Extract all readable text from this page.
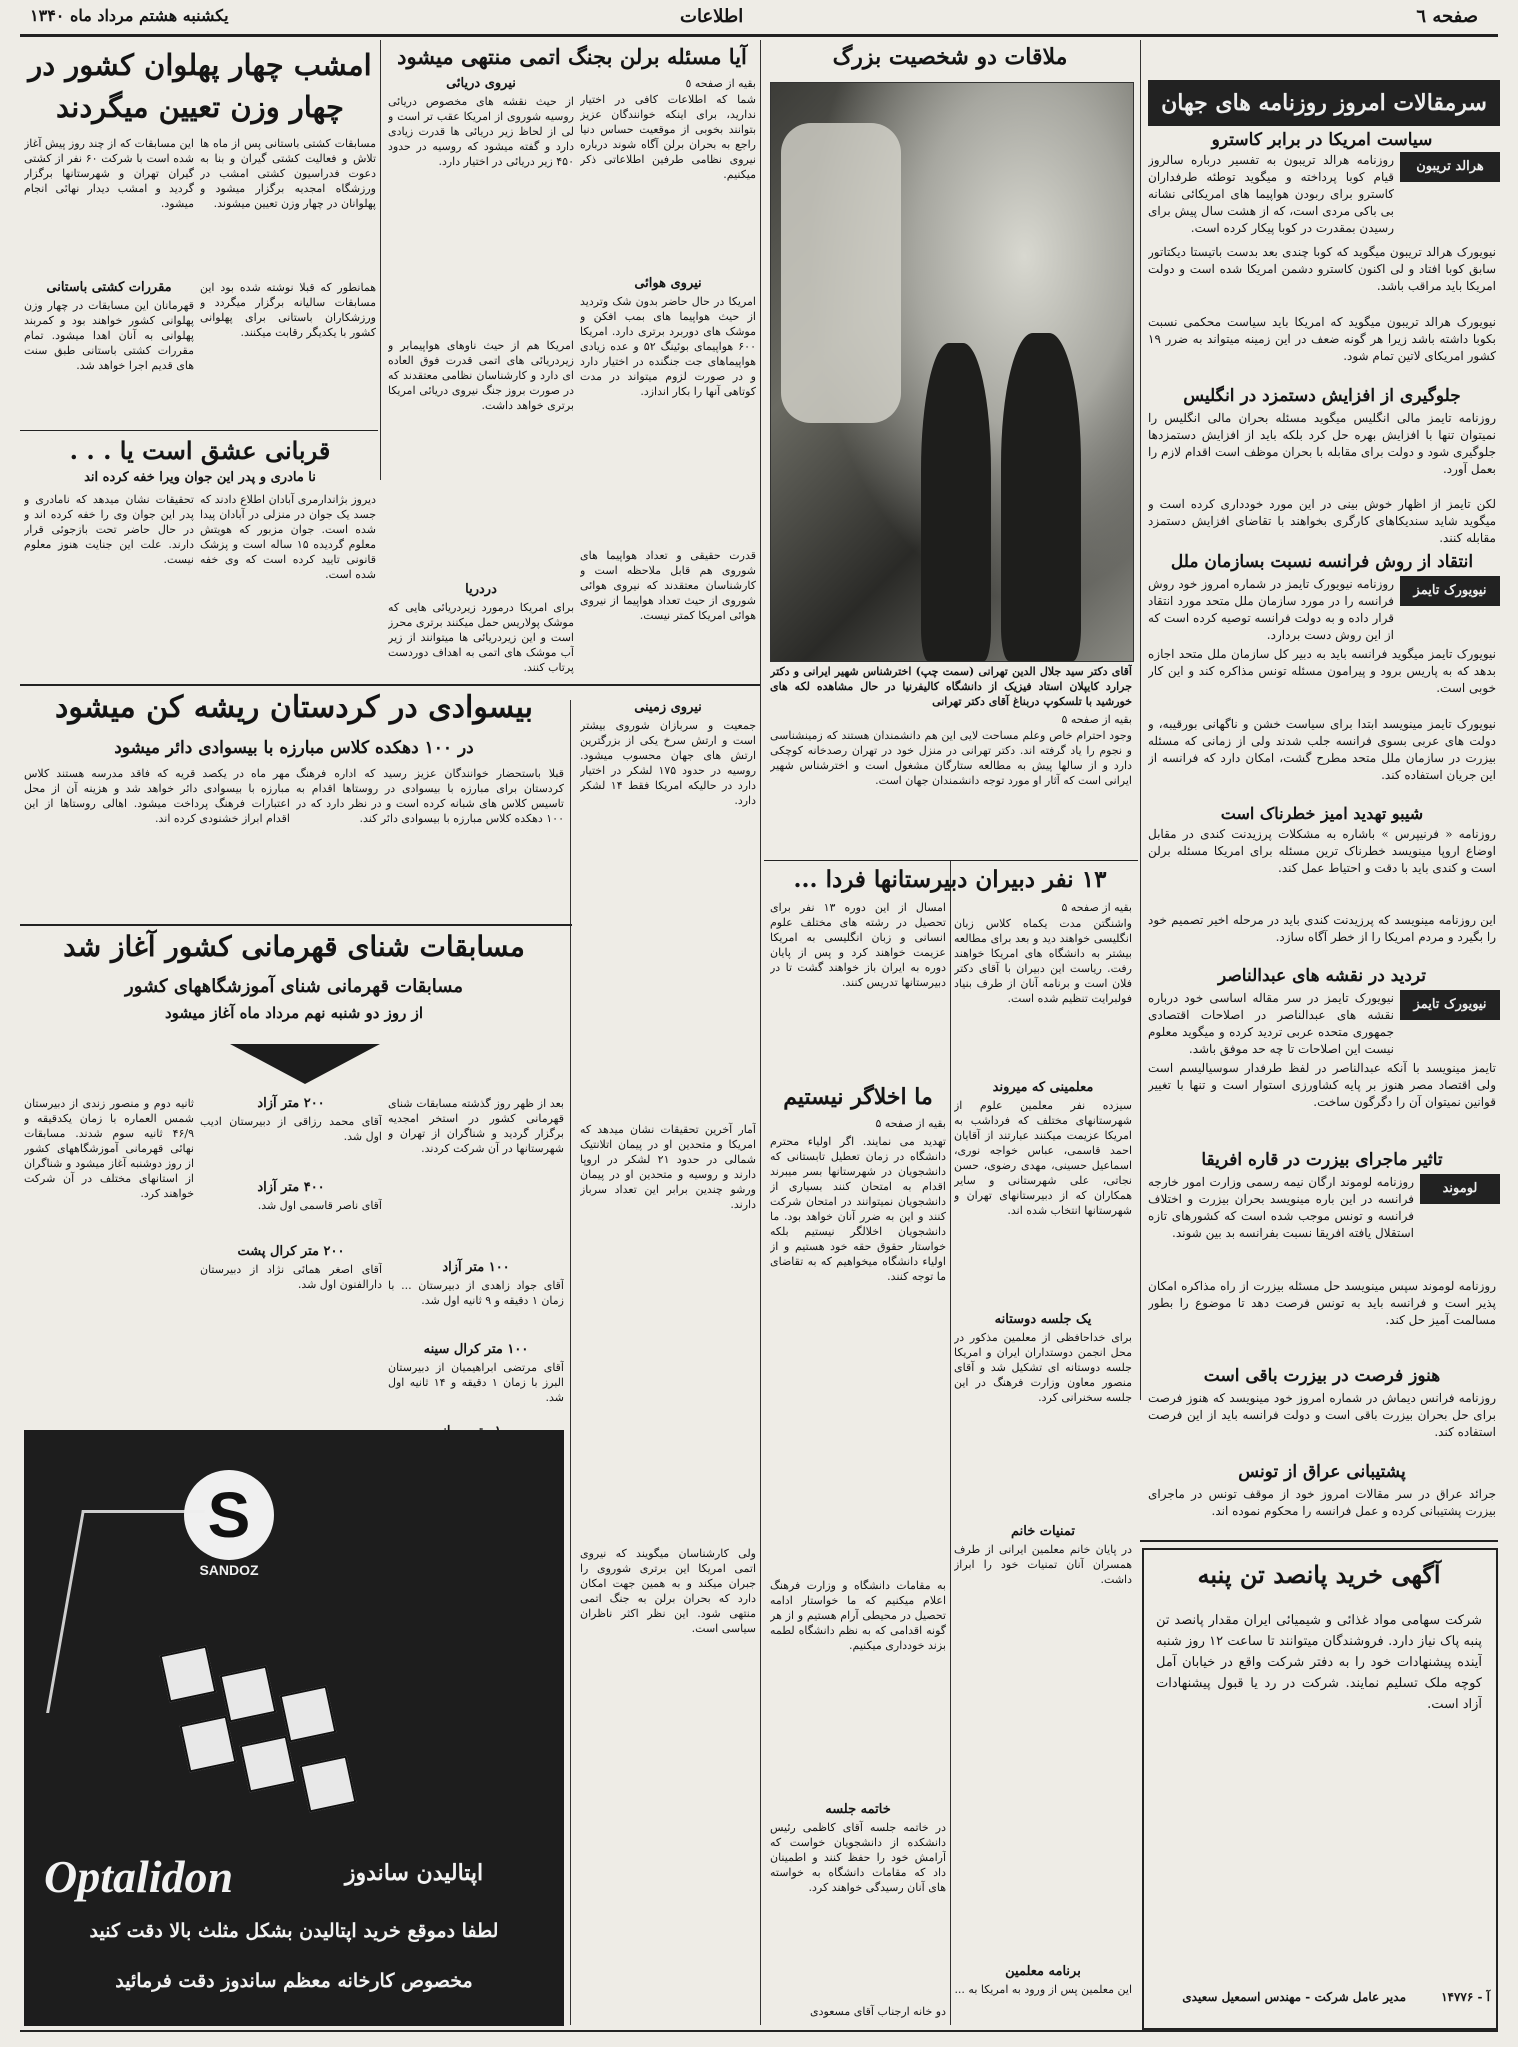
صفحه ٦
اطلاعات
یکشنبه هشتم مرداد ماه ۱۳۴۰
سرمقالات امروز روزنامه های جهان
سیاست امریکا در برابر کاسترو
هرالد تریبون
روزنامه هرالد تریبون به تفسیر درباره سالروز قیام کوبا پرداخته و میگوید توطئه طرفداران کاسترو برای ربودن هواپیما های امریکائی نشانه بی باکی مردی است، که از هشت سال پیش برای رسیدن بمقدرت در کوبا پیکار کرده است.
نیویورک هرالد تریبون میگوید که کوبا چندی بعد بدست باتیستا دیکتاتور سابق کوبا افتاد و لی اکنون کاسترو دشمن امریکا شده است و دولت امریکا باید مراقب باشد.
نیویورک هرالد تریبون میگوید که امریکا باید سیاست محکمی نسبت بکوبا داشته باشد زیرا هر گونه ضعف در این زمینه میتواند به ضرر ۱۹ کشور امریکای لاتین تمام شود.
جلوگیری از افزایش دستمزد در انگلیس
روزنامه تایمز مالی انگلیس میگوید مسئله بحران مالی انگلیس را نمیتوان تنها با افزایش بهره حل کرد بلکه باید از افزایش دستمزدها جلوگیری شود و دولت برای مقابله با بحران موظف است اقدام لازم را بعمل آورد.
لکن تایمز از اظهار خوش بینی در این مورد خودداری کرده است و میگوید شاید سندیکاهای کارگری بخواهند با تقاضای افزایش دستمزد مقابله کنند.
انتقاد از روش فرانسه نسبت بسازمان ملل
نیویورک تایمز
روزنامه نیویورک تایمز در شماره امروز خود روش فرانسه را در مورد سازمان ملل متحد مورد انتقاد قرار داده و به دولت فرانسه توصیه کرده است که از این روش دست بردارد.
نیویورک تایمز میگوید فرانسه باید به دبیر کل سازمان ملل متحد اجازه بدهد که به پاریس برود و پیرامون مسئله تونس مذاکره کند و این کار خوبی است.
نیویورک تایمز مینویسد ابتدا برای سیاست خشن و ناگهانی بورقیبه، و دولت های عربی بسوی فرانسه جلب شدند ولی از زمانی که مسئله بیزرت در سازمان ملل متحد مطرح گشت، امکان دارد که فرانسه از این جریان استفاده کند.
شیبو تهدید امیز خطرناک است
روزنامه « فرنیپرس » باشاره به مشکلات پرزیدنت کندی در مقابل اوضاع اروپا مینویسد خطرناک ترین مسئله برای امریکا مسئله برلن است و کندی باید با دقت و احتیاط عمل کند.
این روزنامه مینویسد که پرزیدنت کندی باید در مرحله اخیر تصمیم خود را بگیرد و مردم امریکا را از خطر آگاه سازد.
تردید در نقشه های عبدالناصر
نیویورک تایمز
نیویورک تایمز در سر مقاله اساسی خود درباره نقشه های عبدالناصر در اصلاحات اقتصادی جمهوری متحده عربی تردید کرده و میگوید معلوم نیست این اصلاحات تا چه حد موفق باشد.
تایمز مینویسد با آنکه عبدالناصر در لفظ طرفدار سوسیالیسم است ولی اقتصاد مصر هنوز بر پایه کشاورزی استوار است و تنها با تغییر قوانین نمیتوان آن را دگرگون ساخت.
تاثیر ماجرای بیزرت در قاره افریقا
لوموند
روزنامه لوموند ارگان نیمه رسمی وزارت امور خارجه فرانسه در این باره مینویسد بحران بیزرت و اختلاف فرانسه و تونس موجب شده است که کشورهای تازه استقلال یافته افریقا نسبت بفرانسه بد بین شوند.
روزنامه لوموند سپس مینویسد حل مسئله بیزرت از راه مذاکره امکان پذیر است و فرانسه باید به تونس فرصت دهد تا موضوع را بطور مسالمت آمیز حل کند.
هنوز فرصت در بیزرت باقی است
روزنامه فرانس دیماش در شماره امروز خود مینویسد که هنوز فرصت برای حل بحران بیزرت باقی است و دولت فرانسه باید از این فرصت استفاده کند.
پشتیبانی عراق از تونس
جرائد عراق در سر مقالات امروز خود از موقف تونس در ماجرای بیزرت پشتیبانی کرده و عمل فرانسه را محکوم نموده اند.
آگهی خرید پانصد تن پنبه
شرکت سهامی مواد غذائی و شیمیائی ایران مقدار پانصد تن پنبه پاک نیاز دارد. فروشندگان میتوانند تا ساعت ۱۲ روز شنبه آینده پیشنهادات خود را به دفتر شرکت واقع در خیابان آمل کوچه ملک تسلیم نمایند. شرکت در رد یا قبول پیشنهادات آزاد است.
مدیر عامل شرکت - مهندس اسمعیل سعیدی	آ - ۱۴۷۷۶
ملاقات دو شخصیت بزرگ
آقای دکتر سید جلال الدین تهرانی (سمت چپ) اخترشناس شهیر ایرانی و دکتر جرارد کایپلان استاد فیزیک از دانشگاه کالیفرنیا در حال مشاهده لکه های خورشید با تلسکوپ دربناغ آقای دکتر تهرانی
بقیه از صفحه ۵
وجود احترام خاص وعلم مساحت لایی این هم دانشمندان هستند که زمینشناسی و نجوم را یاد گرفته اند. دکتر تهرانی در منزل خود در تهران رصدخانه کوچکی دارد و از سالها پیش به مطالعه ستارگان مشغول است و اخترشناس شهیر ایرانی است که آثار او مورد توجه دانشمندان جهان است.
۱۳ نفر دبیران دبیرستانها فردا ...
بقیه از صفحه ۵
واشنگتن مدت یکماه کلاس زبان انگلیسی خواهند دید و بعد برای مطالعه بیشتر به دانشگاه های امریکا خواهند رفت. ریاست این دبیران با آقای دکتر فلان است و برنامه آنان از طرف بنیاد فولبرایت تنظیم شده است.
امسال از این دوره ۱۳ نفر برای تحصیل در رشته های مختلف علوم انسانی و زبان انگلیسی به امریکا عزیمت خواهند کرد و پس از پایان دوره به ایران باز خواهند گشت تا در دبیرستانها تدریس کنند.
معلمینی که میروند
سیزده نفر معلمین علوم از شهرستانهای مختلف که فرداشب به امریکا عزیمت میکنند عبارتند از آقایان احمد قاسمی، عباس خواجه نوری، اسماعیل حسینی، مهدی رضوی، حسن نجاتی، علی شهرستانی و سایر همکاران که از دبیرستانهای تهران و شهرستانها انتخاب شده اند.
یک جلسه دوستانه
برای خداحافظی از معلمین مذکور در محل انجمن دوستداران ایران و امریکا جلسه دوستانه ای تشکیل شد و آقای منصور معاون وزارت فرهنگ در این جلسه سخنرانی کرد.
تمنیات خانم
در پایان خانم معلمین ایرانی از طرف همسران آنان تمنیات خود را ابراز داشت.
برنامه معلمین
این معلمین پس از ورود به امریکا به ...
ما اخلاگر نیستیم
بقیه از صفحه ۵
تهدید می نمایند. اگر اولیاء محترم دانشگاه در زمان تعطیل تابستانی که دانشجویان در شهرستانها بسر میبرند اقدام به امتحان کنند بسیاری از دانشجویان نمیتوانند در امتحان شرکت کنند و این به ضرر آنان خواهد بود. ما دانشجویان اخلالگر نیستیم بلکه خواستار حقوق حقه خود هستیم و از اولیاء دانشگاه میخواهیم که به تقاضای ما توجه کنند.
به مقامات دانشگاه و وزارت فرهنگ اعلام میکنیم که ما خواستار ادامه تحصیل در محیطی آرام هستیم و از هر گونه اقدامی که به نظم دانشگاه لطمه بزند خودداری میکنیم.
خاتمه جلسه
در خاتمه جلسه آقای کاظمی رئیس دانشکده از دانشجویان خواست که آرامش خود را حفظ کنند و اطمینان داد که مقامات دانشگاه به خواسته های آنان رسیدگی خواهند کرد.
دو خانه ارجناب آقای مسعودی
آیا مسئله برلن بجنگ اتمی منتهی میشود
بقیه از صفحه ٥
شما که اطلاعات کافی در اختیار ندارید، برای اینکه خوانندگان عزیز بتوانند بخوبی از موقعیت حساس دنیا راجع به بحران برلن آگاه شوند درباره نیروی نظامی طرفین اطلاعاتی ذکر میکنیم.
نیروی هوائی
امریکا در حال حاضر بدون شک وتردید از حیث هواپیما های بمب افکن و موشک های دوربرد برتری دارد. امریکا ۶۰۰ هواپیمای بوئینگ ۵۲ و عده زیادی هواپیماهای جت جنگنده در اختیار دارد و در صورت لزوم میتواند در مدت کوتاهی آنها را بکار اندازد.
قدرت حقیقی و تعداد هواپیما های شوروی هم قابل ملاحظه است و کارشناسان معتقدند که نیروی هوائی شوروی از حیث تعداد هواپیما از نیروی هوائی امریکا کمتر نیست.
نیروی دریائی
از حیث نقشه های مخصوص دریائی روسیه شوروی از امریکا عقب تر است و لی از لحاظ زیر دریائی ها قدرت زیادی دارد و گفته میشود که روسیه در حدود ۴۵۰ زیر دریائی در اختیار دارد.
امریکا هم از حیث ناوهای هواپیمابر و زیردریائی های اتمی قدرت فوق العاده ای دارد و کارشناسان نظامی معتقدند که در صورت بروز جنگ نیروی دریائی امریکا برتری خواهد داشت.
دردریا
برای امریکا درمورد زیردریائی هایی که موشک پولاریس حمل میکنند برتری محرز است و این زیردریائی ها میتوانند از زیر آب موشک های اتمی به اهداف دوردست پرتاب کنند.
نیروی زمینی
جمعیت و سربازان شوروی بیشتر است و ارتش سرخ یکی از بزرگترین ارتش های جهان محسوب میشود. روسیه در حدود ۱۷۵ لشکر در اختیار دارد در حالیکه امریکا فقط ۱۴ لشکر دارد.
آمار آخرین تحقیقات نشان میدهد که امریکا و متحدین او در پیمان اتلانتیک شمالی در حدود ۲۱ لشکر در اروپا دارند و روسیه و متحدین او در پیمان ورشو چندین برابر این تعداد سرباز دارند.
ولی کارشناسان میگویند که نیروی اتمی امریکا این برتری شوروی را جبران میکند و به همین جهت امکان دارد که بحران برلن به جنگ اتمی منتهی شود. این نظر اکثر ناظران سیاسی است.
امشب چهار پهلوان کشور در چهار وزن تعیین میگردند
مسابقات کشتی باستانی پس از ماه ها تلاش و فعالیت کشتی گیران و بنا به دعوت فدراسیون کشتی امشب در ورزشگاه امجدیه برگزار میشود و پهلوانان در چهار وزن تعیین میشوند.
این مسابقات که از چند روز پیش آغاز شده است با شرکت ۶۰ نفر از کشتی گیران تهران و شهرستانها برگزار گردید و امشب دیدار نهائی انجام میشود.
همانطور که قبلا نوشته شده بود این مسابقات سالیانه برگزار میگردد و ورزشکاران باستانی برای پهلوانی کشور با یکدیگر رقابت میکنند.
مقررات کشتی باستانی
قهرمانان این مسابقات در چهار وزن پهلوانی کشور خواهند بود و کمربند پهلوانی به آنان اهدا میشود. تمام مقررات کشتی باستانی طبق سنت های قدیم اجرا خواهد شد.
قربانی عشق است یا . . .
نا مادری و پدر این جوان ویرا خفه کرده اند
دیروز بژاندارمری آبادان اطلاع دادند که جسد یک جوان در منزلی در آبادان پیدا شده است. جوان مزبور که هویتش معلوم گردیده ۱۵ ساله است و پزشک قانونی تایید کرده است که وی خفه شده است.
تحقیقات نشان میدهد که نامادری و پدر این جوان وی را خفه کرده اند و در حال حاضر تحت بازجوئی قرار دارند. علت این جنایت هنوز معلوم نیست.
بیسوادی در کردستان ریشه کن میشود
در ۱۰۰ دهکده کلاس مبارزه با بیسوادی دائر میشود
قبلا باستحضار خوانندگان عزیز رسید که اداره فرهنگ کردستان برای مبارزه با بیسوادی در روستاها اقدام به تاسیس کلاس های شبانه کرده است و در نظر دارد که در ۱۰۰ دهکده کلاس مبارزه با بیسوادی دائر کند.
مهر ماه در یکصد قریه که فاقد مدرسه هستند کلاس مبارزه با بیسوادی دائر خواهد شد و هزینه آن از محل اعتبارات فرهنگ پرداخت میشود. اهالی روستاها از این اقدام ابراز خشنودی کرده اند.
مسابقات شنای قهرمانی کشور آغاز شد
مسابقات قهرمانی شنای آموزشگاههای کشور
از روز دو شنبه نهم مرداد ماه آغاز میشود
بعد از ظهر روز گذشته مسابقات شنای قهرمانی کشور در استخر امجدیه برگزار گردید و شناگران از تهران و شهرستانها در آن شرکت کردند.
۱۰۰ متر آزاد
آقای جواد زاهدی از دبیرستان ... با زمان ۱ دقیقه و ۹ ثانیه اول شد.
۱۰۰ متر کرال سینه
آقای مرتضی ابراهیمیان از دبیرستان البرز با زمان ۱ دقیقه و ۱۴ ثانیه اول شد.
۲۰۰ متر آزاد
آقای محمد رزاقی از دبیرستان ادیب اول شد.
۴۰۰ متر آزاد
آقای ناصر قاسمی اول شد.
۲۰۰ متر کرال پشت
آقای اصغر همائی نژاد از دبیرستان دارالفنون اول شد.
ثانیه دوم و منصور زندی از دبیرستان شمس العماره با زمان یکدقیقه و ۴۶/۹ ثانیه سوم شدند. مسابقات نهائی قهرمانی آموزشگاههای کشور از روز دوشنبه آغاز میشود و شناگران از استانهای مختلف در آن شرکت خواهند کرد.
S
SANDOZ
Optalidon	اپتالیدن ساندوز
لطفا دموقع خرید اپتالیدن بشکل مثلث بالا دقت کنید
مخصوص کارخانه معظم ساندوز دقت فرمائید
